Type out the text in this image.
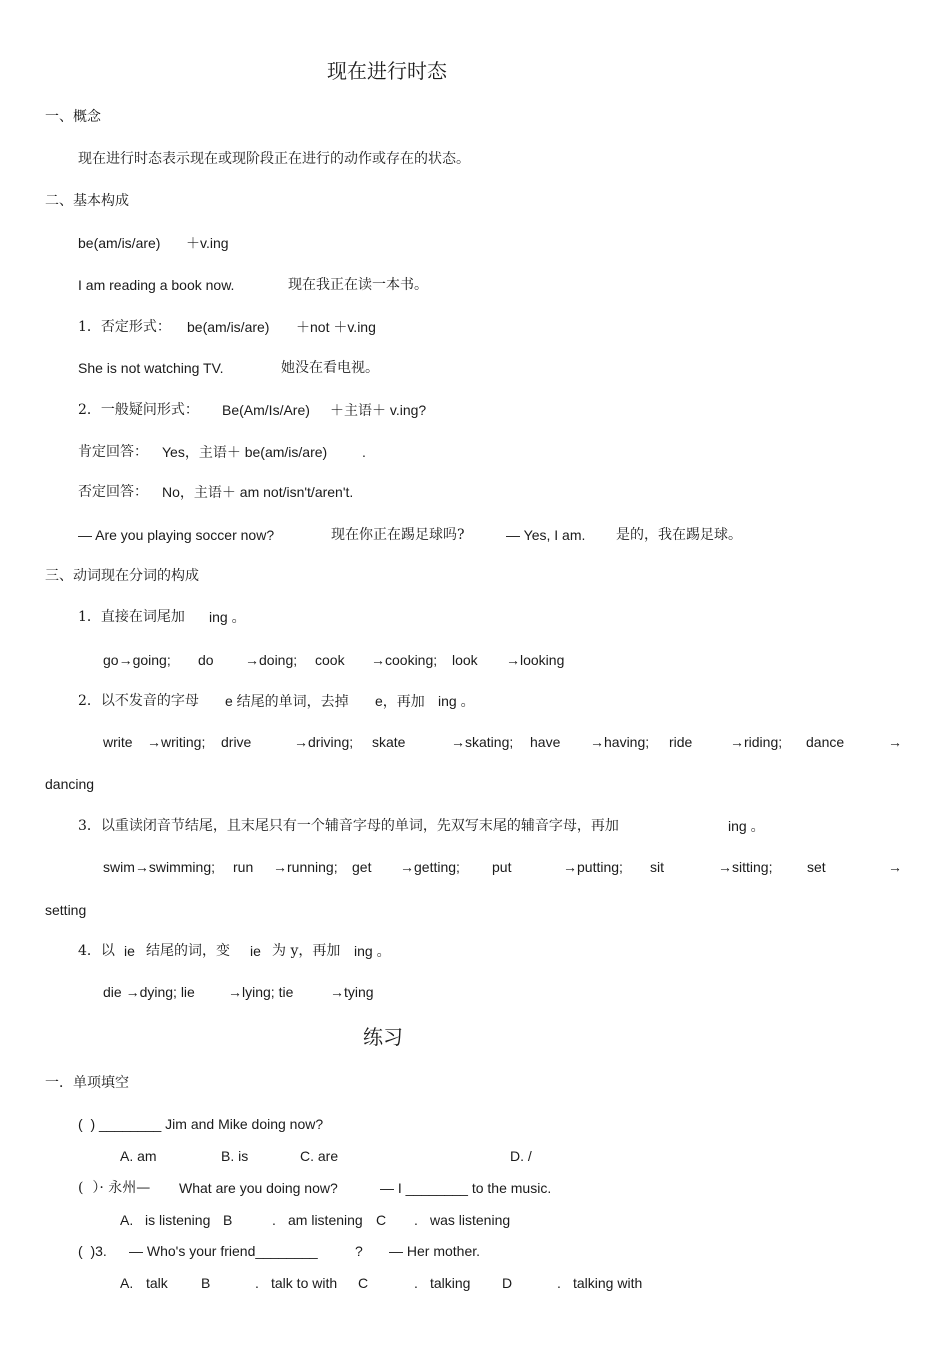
现在进行时态
一、概念
现在进行时态表示现在或现阶段正在进行的动作或存在的状态。
二、基本构成
be(am/is/are) ＋v.ing
I am reading a book now.	现在我正在读一本书。
1．否定形式： be(am/is/are) ＋not ＋v.ing
She is not watching TV.	她没在看电视。
2．一般疑问形式： Be(Am/Is/Are) ＋主语＋ v.ing?
肯定回答： Yes，主语＋ be(am/is/are) .
否定回答： No，主语＋ am not/isn't/aren't.
— Are you playing soccer now?	现在你正在踢足球吗?	— Yes, I am. 是的，我在踢足球。
三、动词现在分词的构成
1．直接在词尾加 ing 。
go→going; do →doing; cook →cooking; look →looking
2．以不发音的字母 e 结尾的单词，去掉 e，再加 ing 。
write →writing; drive	→driving; skate	→skating; have →having; ride	→riding; dance	→
dancing
3．以重读闭音节结尾，且末尾只有一个辅音字母的单词，先双写末尾的辅音字母，再加	ing 。
swim→swimming; run →running; get →getting; put	→putting; sit	→sitting; set	→
setting
4．以 ie 结尾的词，变 ie 为 y，再加 ing 。
die →dying; lie →lying; tie	→tying
练习
一．单项填空
(  ) ________ Jim and Mike doing now?
A. am	B. is	C. are	D. /
(  ）· 永州— What are you doing now?	— I ________ to the music.
A. is listening B	. am listening C . was listening
(  )3. — Who's your friend________	? — Her mother.
A. talk B	. talk to with C	. talking D	. talking with
